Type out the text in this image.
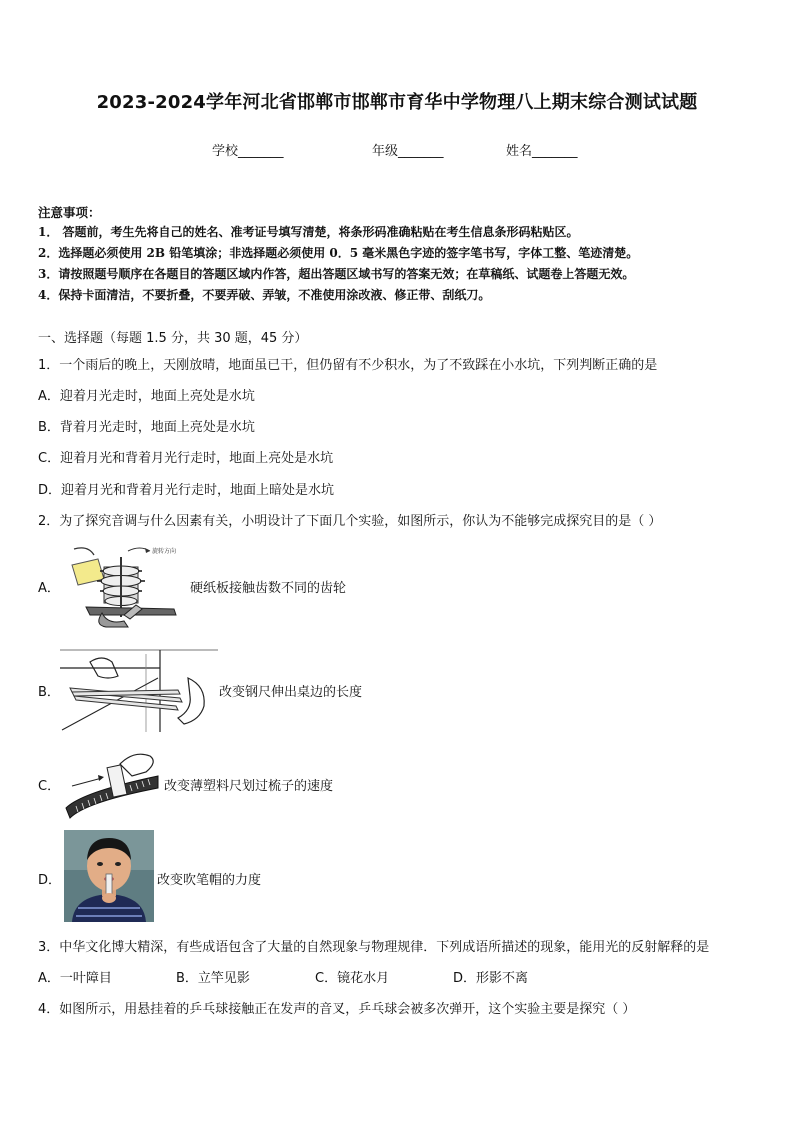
2023-2024学年河北省邯郸市邯郸市育华中学物理八上期末综合测试试题
学校_______	年级_______	姓名_______
注意事项：
1． 答题前，考生先将自己的姓名、准考证号填写清楚，将条形码准确粘贴在考生信息条形码粘贴区。
2．选择题必须使用 2B 铅笔填涂；非选择题必须使用 0．5 毫米黑色字迹的签字笔书写，字体工整、笔迹清楚。
3．请按照题号顺序在各题目的答题区域内作答，超出答题区域书写的答案无效；在草稿纸、试题卷上答题无效。
4．保持卡面清洁，不要折叠，不要弄破、弄皱，不准使用涂改液、修正带、刮纸刀。
一、选择题（每题 1.5 分，共 30 题，45 分）
1．一个雨后的晚上，天刚放晴，地面虽已干，但仍留有不少积水，为了不致踩在小水坑，下列判断正确的是
A．迎着月光走时，地面上亮处是水坑
B．背着月光走时，地面上亮处是水坑
C．迎着月光和背着月光行走时，地面上亮处是水坑
D．迎着月光和背着月光行走时，地面上暗处是水坑
2．为了探究音调与什么因素有关，小明设计了下面几个实验，如图所示，你认为不能够完成探究目的是（ ）
A．
旋转方向
硬纸板接触齿数不同的齿轮
B．	改变钢尺伸出桌边的长度
C．	改变薄塑料尺划过梳子的速度
D．	改变吹笔帽的力度
3．中华文化博大精深，有些成语包含了大量的自然现象与物理规律．下列成语所描述的现象，能用光的反射解释的是
A．一叶障目	B．立竿见影	C．镜花水月	D．形影不离
4．如图所示，用悬挂着的乒乓球接触正在发声的音叉，乒乓球会被多次弹开，这个实验主要是探究（ ）
